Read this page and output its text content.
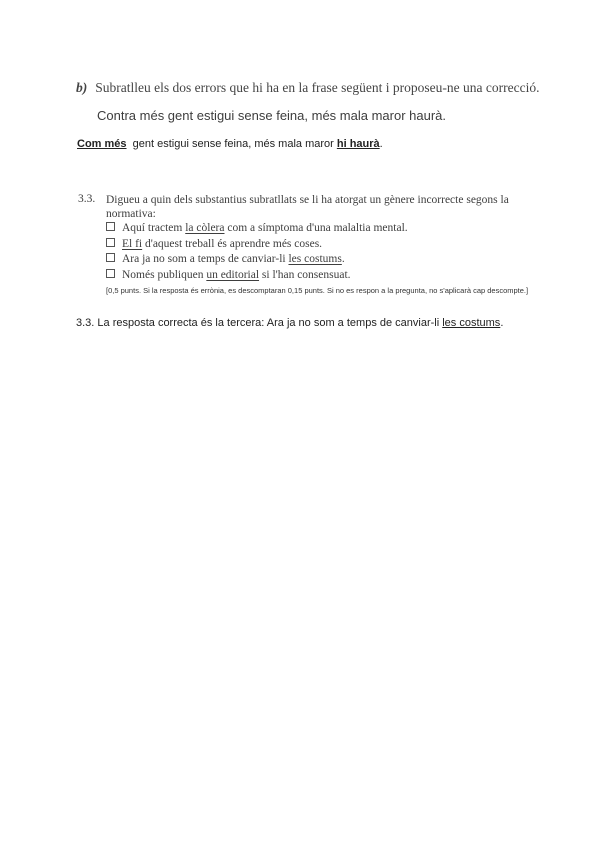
b) Subratlleu els dos errors que hi ha en la frase següent i proposeu-ne una correcció.
Contra més gent estigui sense feina, més mala maror haurà.
Com més  gent estigui sense feina, més mala maror hi haurà.
3.3. Digueu a quin dels substantius subratllats se li ha atorgat un gènere incorrecte segons la normativa:
Aquí tractem la còlera com a símptoma d'una malaltia mental.
El fi d'aquest treball és aprendre més coses.
Ara ja no som a temps de canviar-li les costums.
Només publiquen un editorial si l'han consensuat.
[0,5 punts. Si la resposta és errònia, es descomptaran 0,15 punts. Si no es respon a la pregunta, no s'aplicarà cap descompte.]
3.3. La resposta correcta és la tercera: Ara ja no som a temps de canviar-li les costums.
